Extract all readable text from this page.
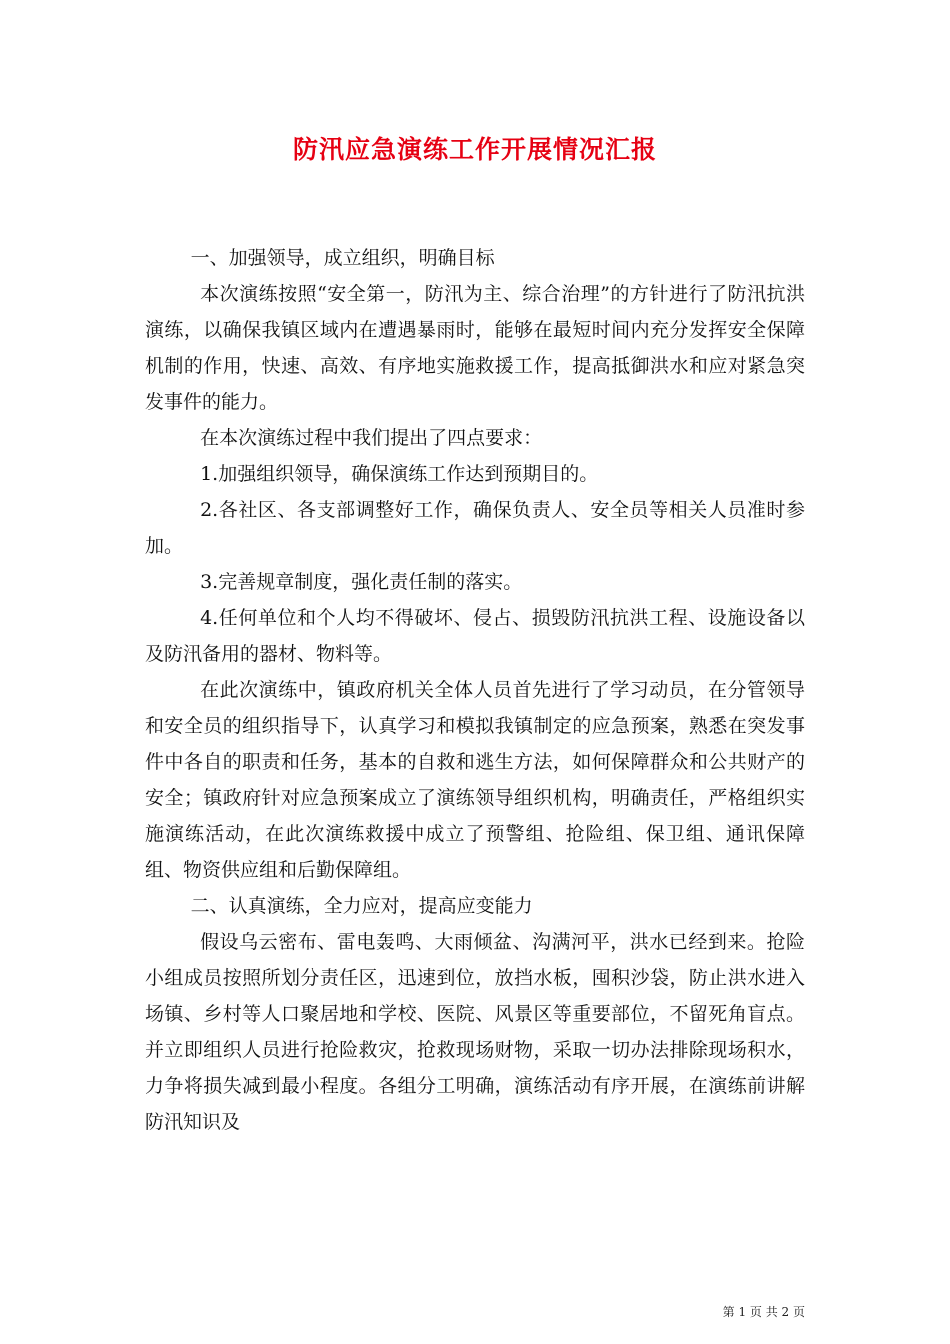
防汛应急演练工作开展情况汇报

一、加强领导，成立组织，明确目标

本次演练按照“安全第一，防汛为主、综合治理”的方针进行了防汛抗洪演练，以确保我镇区域内在遭遇暴雨时，能够在最短时间内充分发挥安全保障机制的作用，快速、高效、有序地实施救援工作，提高抵御洪水和应对紧急突发事件的能力。

在本次演练过程中我们提出了四点要求：

1.加强组织领导，确保演练工作达到预期目的。

2.各社区、各支部调整好工作，确保负责人、安全员等相关人员准时参加。

3.完善规章制度，强化责任制的落实。

4.任何单位和个人均不得破坏、侵占、损毁防汛抗洪工程、设施设备以及防汛备用的器材、物料等。

在此次演练中，镇政府机关全体人员首先进行了学习动员，在分管领导和安全员的组织指导下，认真学习和模拟我镇制定的应急预案，熟悉在突发事件中各自的职责和任务，基本的自救和逃生方法，如何保障群众和公共财产的安全；镇政府针对应急预案成立了演练领导组织机构，明确责任，严格组织实施演练活动，在此次演练救援中成立了预警组、抢险组、保卫组、通讯保障组、物资供应组和后勤保障组。

二、认真演练，全力应对，提高应变能力

假设乌云密布、雷电轰鸣、大雨倾盆、沟满河平，洪水已经到来。抢险小组成员按照所划分责任区，迅速到位，放挡水板，囤积沙袋，防止洪水进入场镇、乡村等人口聚居地和学校、医院、风景区等重要部位，不留死角盲点。并立即组织人员进行抢险救灾，抢救现场财物，采取一切办法排除现场积水，力争将损失减到最小程度。各组分工明确，演练活动有序开展，在演练前讲解防汛知识及

第 1 页 共 2 页
